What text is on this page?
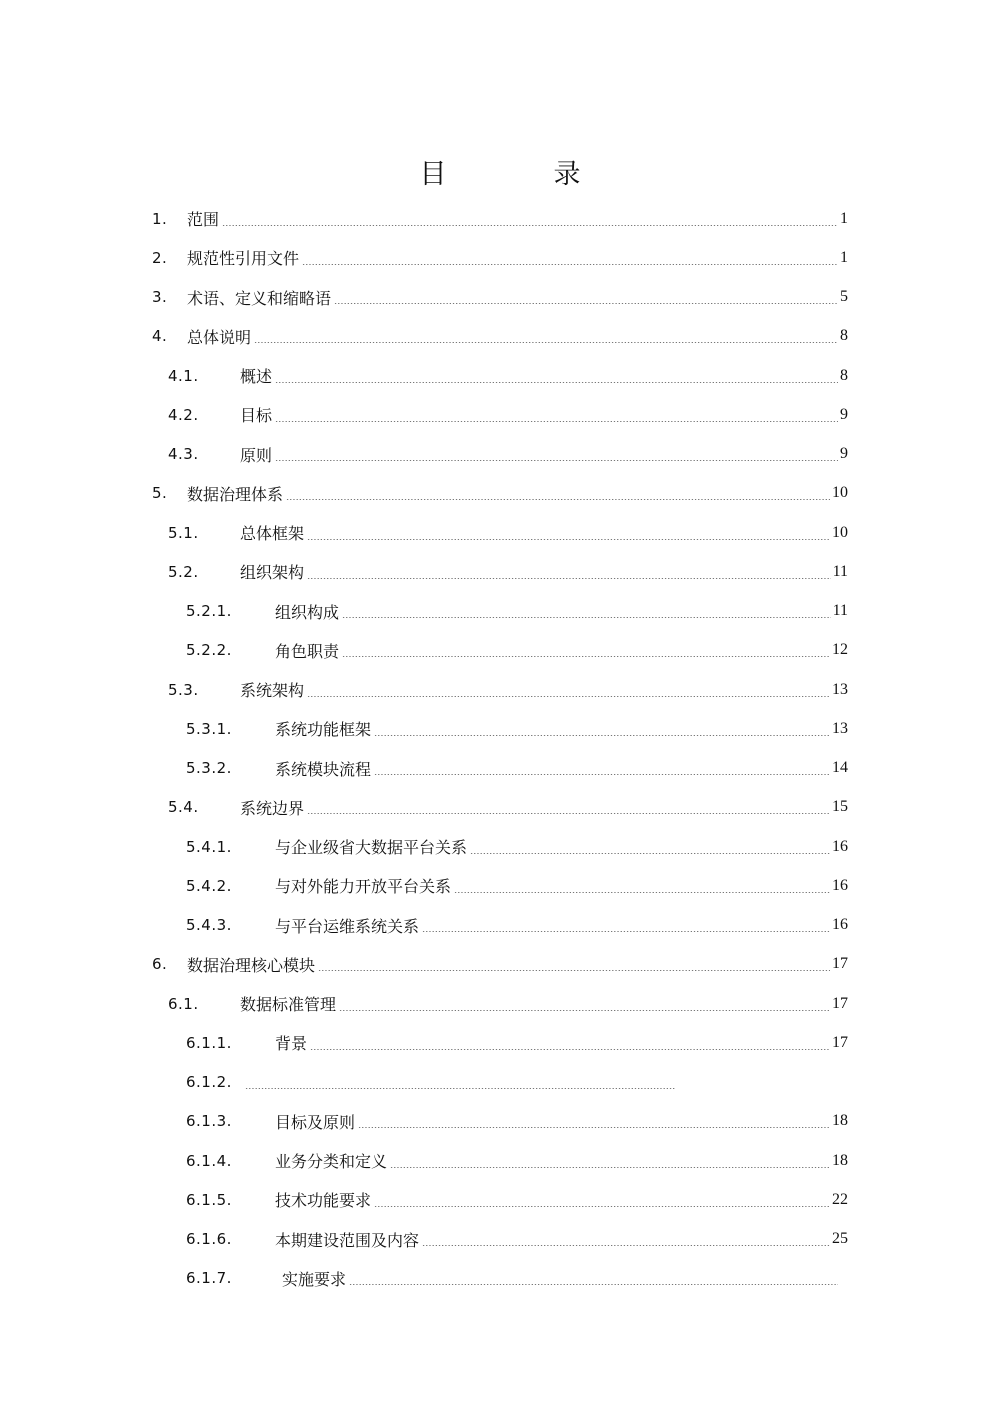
目　录
1.	范围	1
2.	规范性引用文件	1
3.	术语、定义和缩略语	5
4.	总体说明	8
4.1.	概述	8
4.2.	目标	9
4.3.	原则	9
5.	数据治理体系	10
5.1.	总体框架	10
5.2.	组织架构	11
5.2.1.	组织构成	11
5.2.2.	角色职责	12
5.3.	系统架构	13
5.3.1.	系统功能框架	13
5.3.2.	系统模块流程	14
5.4.	系统边界	15
5.4.1.	与企业级省大数据平台关系	16
5.4.2.	与对外能力开放平台关系	16
5.4.3.	与平台运维系统关系	16
6.	数据治理核心模块	17
6.1.	数据标准管理	17
6.1.1.	背景	17
6.1.2.
6.1.3.	目标及原则	18
6.1.4.	业务分类和定义	18
6.1.5.	技术功能要求	22
6.1.6.	本期建设范围及内容	25
6.1.7.	实施要求
